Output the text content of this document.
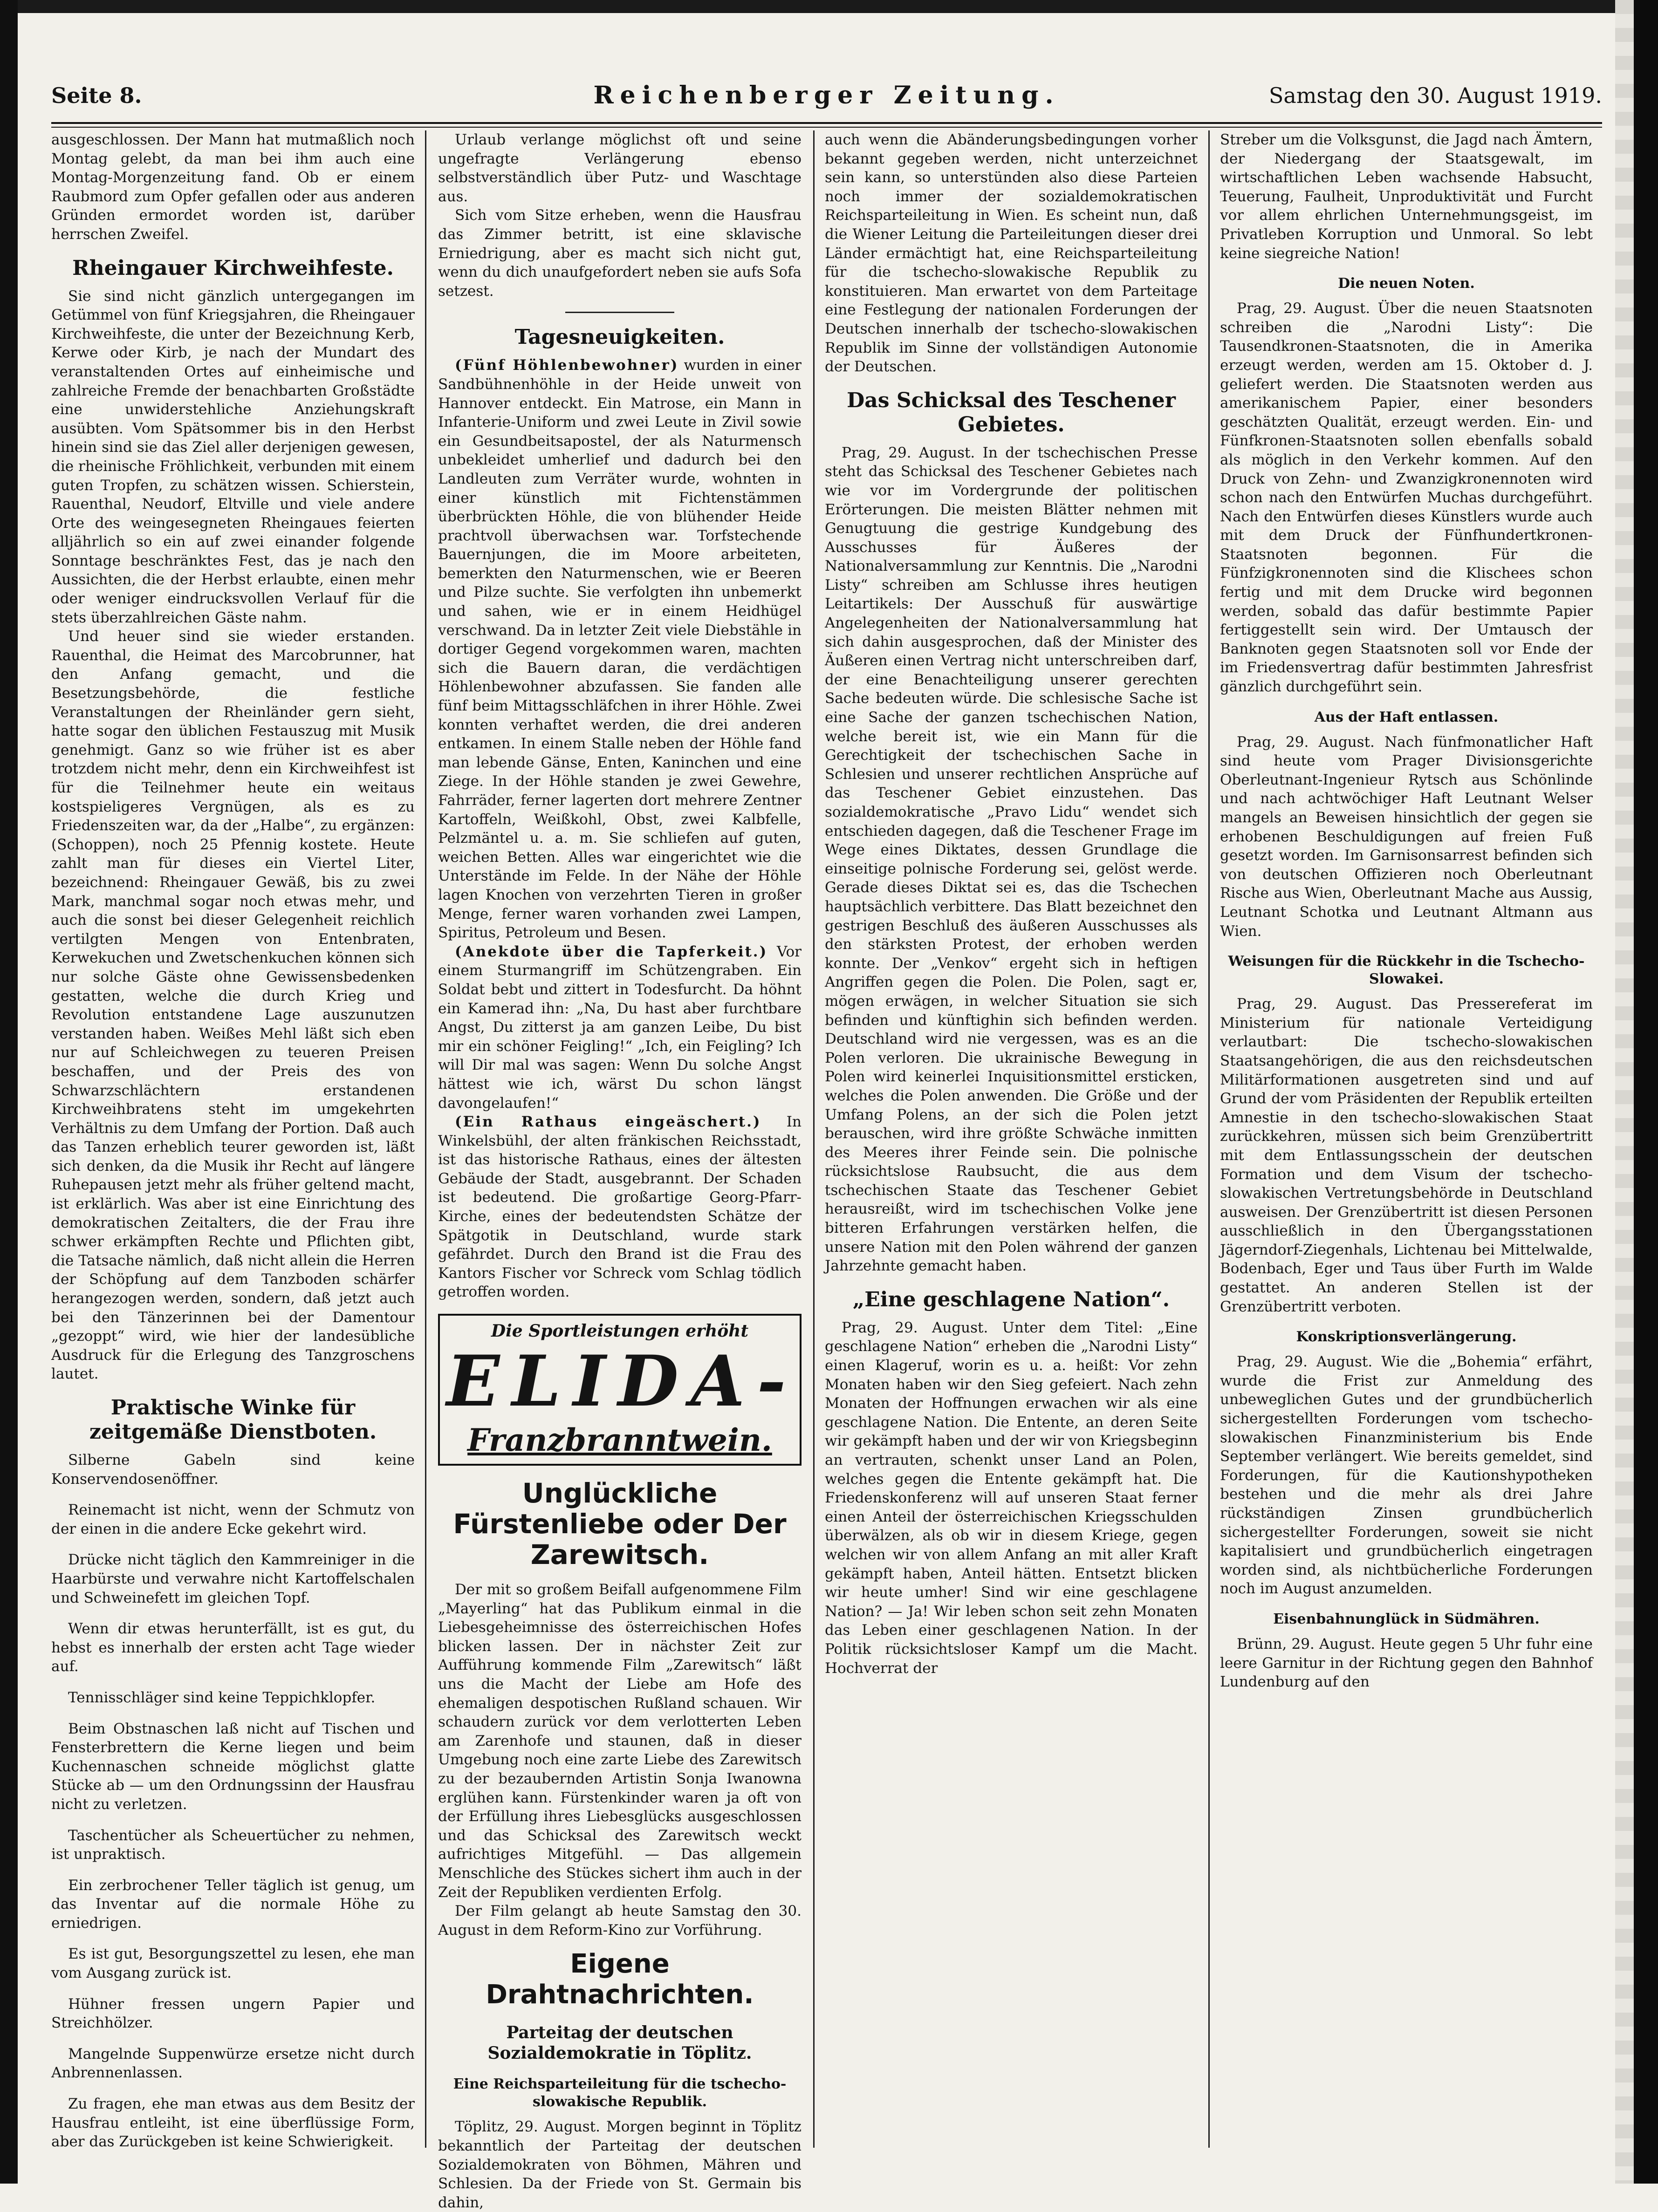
Seite 8.	Reichenberger Zeitung.	Samstag den 30. August 1919.

ausgeschlossen. Der Mann hat mutmaßlich noch Montag gelebt, da man bei ihm auch eine Montag-Morgenzeitung fand. Ob er einem Raubmord zum Opfer gefallen oder aus anderen Gründen ermordet worden ist, darüber herrschen Zweifel.

Rheingauer Kirchweihfeste.

Sie sind nicht gänzlich untergegangen im Getümmel von fünf Kriegsjahren, die Rheingauer Kirchweihfeste, die unter der Bezeichnung Kerb, Kerwe oder Kirb, je nach der Mundart des veranstaltenden Ortes auf einheimische und zahlreiche Fremde der benachbarten Großstädte eine unwiderstehliche Anziehungskraft ausübten. Vom Spätsommer bis in den Herbst hinein sind sie das Ziel aller derjenigen gewesen, die rheinische Fröhlichkeit, verbunden mit einem guten Tropfen, zu schätzen wissen. Schierstein, Rauenthal, Neudorf, Eltville und viele andere Orte des weingesegneten Rheingaues feierten alljährlich so ein auf zwei einander folgende Sonntage beschränktes Fest, das je nach den Aussichten, die der Herbst erlaubte, einen mehr oder weniger eindrucksvollen Verlauf für die stets überzahlreichen Gäste nahm.

Und heuer sind sie wieder erstanden. Rauenthal, die Heimat des Marcobrunner, hat den Anfang gemacht, und die Besetzungsbehörde, die festliche Veranstaltungen der Rheinländer gern sieht, hatte sogar den üblichen Festauszug mit Musik genehmigt. Ganz so wie früher ist es aber trotzdem nicht mehr, denn ein Kirchweihfest ist für die Teilnehmer heute ein weitaus kostspieligeres Vergnügen, als es zu Friedenszeiten war, da der „Halbe“, zu ergänzen: (Schoppen), noch 25 Pfennig kostete. Heute zahlt man für dieses ein Viertel Liter, bezeichnend: Rheingauer Gewäß, bis zu zwei Mark, manchmal sogar noch etwas mehr, und auch die sonst bei dieser Gelegenheit reichlich vertilgten Mengen von Entenbraten, Kerwekuchen und Zwetschenkuchen können sich nur solche Gäste ohne Gewissensbedenken gestatten, welche die durch Krieg und Revolution entstandene Lage auszunutzen verstanden haben. Weißes Mehl läßt sich eben nur auf Schleichwegen zu teueren Preisen beschaffen, und der Preis des von Schwarzschlächtern erstandenen Kirchweihbratens steht im umgekehrten Verhältnis zu dem Umfang der Portion. Daß auch das Tanzen erheblich teurer geworden ist, läßt sich denken, da die Musik ihr Recht auf längere Ruhepausen jetzt mehr als früher geltend macht, ist erklärlich. Was aber ist eine Einrichtung des demokratischen Zeitalters, die der Frau ihre schwer erkämpften Rechte und Pflichten gibt, die Tatsache nämlich, daß nicht allein die Herren der Schöpfung auf dem Tanzboden schärfer herangezogen werden, sondern, daß jetzt auch bei den Tänzerinnen bei der Damentour „gezoppt“ wird, wie hier der landesübliche Ausdruck für die Erlegung des Tanzgroschens lautet.

Praktische Winke für zeitgemäße Dienstboten.

Silberne Gabeln sind keine Konservendosenöffner.

Reinemacht ist nicht, wenn der Schmutz von der einen in die andere Ecke gekehrt wird.

Drücke nicht täglich den Kammreiniger in die Haarbürste und verwahre nicht Kartoffelschalen und Schweinefett im gleichen Topf.

Wenn dir etwas herunterfällt, ist es gut, du hebst es innerhalb der ersten acht Tage wieder auf.

Tennisschläger sind keine Teppichklopfer.

Beim Obstnaschen laß nicht auf Tischen und Fensterbrettern die Kerne liegen und beim Kuchennaschen schneide möglichst glatte Stücke ab — um den Ordnungssinn der Hausfrau nicht zu verletzen.

Taschentücher als Scheuertücher zu nehmen, ist unpraktisch.

Ein zerbrochener Teller täglich ist genug, um das Inventar auf die normale Höhe zu erniedrigen.

Es ist gut, Besorgungszettel zu lesen, ehe man vom Ausgang zurück ist.

Hühner fressen ungern Papier und Streichhölzer.

Mangelnde Suppenwürze ersetze nicht durch Anbrennenlassen.

Zu fragen, ehe man etwas aus dem Besitz der Hausfrau entleiht, ist eine überflüssige Form, aber das Zurückgeben ist keine Schwierigkeit.

Urlaub verlange möglichst oft und seine ungefragte Verlängerung ebenso selbstverständlich über Putz- und Waschtage aus.

Sich vom Sitze erheben, wenn die Hausfrau das Zimmer betritt, ist eine sklavische Erniedrigung, aber es macht sich nicht gut, wenn du dich unaufgefordert neben sie aufs Sofa setzest.

Tagesneuigkeiten.

(Fünf Höhlenbewohner) wurden in einer Sandbühnenhöhle in der Heide unweit von Hannover entdeckt. Ein Matrose, ein Mann in Infanterie-Uniform und zwei Leute in Zivil sowie ein Gesundbeitsapostel, der als Naturmensch unbekleidet umherlief und dadurch bei den Landleuten zum Verräter wurde, wohnten in einer künstlich mit Fichtenstämmen überbrückten Höhle, die von blühender Heide prachtvoll überwachsen war. Torfstechende Bauernjungen, die im Moore arbeiteten, bemerkten den Naturmenschen, wie er Beeren und Pilze suchte. Sie verfolgten ihn unbemerkt und sahen, wie er in einem Heidhügel verschwand. Da in letzter Zeit viele Diebstähle in dortiger Gegend vorgekommen waren, machten sich die Bauern daran, die verdächtigen Höhlenbewohner abzufassen. Sie fanden alle fünf beim Mittagsschläfchen in ihrer Höhle. Zwei konnten verhaftet werden, die drei anderen entkamen. In einem Stalle neben der Höhle fand man lebende Gänse, Enten, Kaninchen und eine Ziege. In der Höhle standen je zwei Gewehre, Fahrräder, ferner lagerten dort mehrere Zentner Kartoffeln, Weißkohl, Obst, zwei Kalbfelle, Pelzmäntel u. a. m. Sie schliefen auf guten, weichen Betten. Alles war eingerichtet wie die Unterstände im Felde. In der Nähe der Höhle lagen Knochen von verzehrten Tieren in großer Menge, ferner waren vorhanden zwei Lampen, Spiritus, Petroleum und Besen.

(Anekdote über die Tapferkeit.) Vor einem Sturmangriff im Schützengraben. Ein Soldat bebt und zittert in Todesfurcht. Da höhnt ein Kamerad ihn: „Na, Du hast aber furchtbare Angst, Du zitterst ja am ganzen Leibe, Du bist mir ein schöner Feigling!“ „Ich, ein Feigling? Ich will Dir mal was sagen: Wenn Du solche Angst hättest wie ich, wärst Du schon längst davongelaufen!“

(Ein Rathaus eingeäschert.) In Winkelsbühl, der alten fränkischen Reichsstadt, ist das historische Rathaus, eines der ältesten Gebäude der Stadt, ausgebrannt. Der Schaden ist bedeutend. Die großartige Georg-Pfarr-Kirche, eines der bedeutendsten Schätze der Spätgotik in Deutschland, wurde stark gefährdet. Durch den Brand ist die Frau des Kantors Fischer vor Schreck vom Schlag tödlich getroffen worden.

Die Sportleistungen erhöht
ELIDA-
Franzbranntwein.
Unglückliche Fürstenliebe oder Der Zarewitsch.

Der mit so großem Beifall aufgenommene Film „Mayerling“ hat das Publikum einmal in die Liebesgeheimnisse des österreichischen Hofes blicken lassen. Der in nächster Zeit zur Aufführung kommende Film „Zarewitsch“ läßt uns die Macht der Liebe am Hofe des ehemaligen despotischen Rußland schauen. Wir schaudern zurück vor dem verlotterten Leben am Zarenhofe und staunen, daß in dieser Umgebung noch eine zarte Liebe des Zarewitsch zu der bezaubernden Artistin Sonja Iwanowna erglühen kann. Fürstenkinder waren ja oft von der Erfüllung ihres Liebesglücks ausgeschlossen und das Schicksal des Zarewitsch weckt aufrichtiges Mitgefühl. — Das allgemein Menschliche des Stückes sichert ihm auch in der Zeit der Republiken verdienten Erfolg.

Der Film gelangt ab heute Samstag den 30. August in dem Reform-Kino zur Vorführung.

Eigene Drahtnachrichten.
Parteitag der deutschen Sozialdemokratie in Töplitz.
Eine Reichsparteileitung für die tschecho-slowakische Republik.

Töplitz, 29. August. Morgen beginnt in Töplitz bekanntlich der Parteitag der deutschen Sozialdemokraten von Böhmen, Mähren und Schlesien. Da der Friede von St. Germain bis dahin,

auch wenn die Abänderungsbedingungen vorher bekannt gegeben werden, nicht unterzeichnet sein kann, so unterstünden also diese Parteien noch immer der sozialdemokratischen Reichsparteileitung in Wien. Es scheint nun, daß die Wiener Leitung die Parteileitungen dieser drei Länder ermächtigt hat, eine Reichsparteileitung für die tschecho-slowakische Republik zu konstituieren. Man erwartet von dem Parteitage eine Festlegung der nationalen Forderungen der Deutschen innerhalb der tschecho-slowakischen Republik im Sinne der vollständigen Autonomie der Deutschen.

Das Schicksal des Teschener Gebietes.

Prag, 29. August. In der tschechischen Presse steht das Schicksal des Teschener Gebietes nach wie vor im Vordergrunde der politischen Erörterungen. Die meisten Blätter nehmen mit Genugtuung die gestrige Kundgebung des Ausschusses für Äußeres der Nationalversammlung zur Kenntnis. Die „Narodni Listy“ schreiben am Schlusse ihres heutigen Leitartikels: Der Ausschuß für auswärtige Angelegenheiten der Nationalversammlung hat sich dahin ausgesprochen, daß der Minister des Äußeren einen Vertrag nicht unterschreiben darf, der eine Benachteiligung unserer gerechten Sache bedeuten würde. Die schlesische Sache ist eine Sache der ganzen tschechischen Nation, welche bereit ist, wie ein Mann für die Gerechtigkeit der tschechischen Sache in Schlesien und unserer rechtlichen Ansprüche auf das Teschener Gebiet einzustehen. Das sozialdemokratische „Pravo Lidu“ wendet sich entschieden dagegen, daß die Teschener Frage im Wege eines Diktates, dessen Grundlage die einseitige polnische Forderung sei, gelöst werde. Gerade dieses Diktat sei es, das die Tschechen hauptsächlich verbittere. Das Blatt bezeichnet den gestrigen Beschluß des äußeren Ausschusses als den stärksten Protest, der erhoben werden konnte. Der „Venkov“ ergeht sich in heftigen Angriffen gegen die Polen. Die Polen, sagt er, mögen erwägen, in welcher Situation sie sich befinden und künftighin sich befinden werden. Deutschland wird nie vergessen, was es an die Polen verloren. Die ukrainische Bewegung in Polen wird keinerlei Inquisitionsmittel ersticken, welches die Polen anwenden. Die Größe und der Umfang Polens, an der sich die Polen jetzt berauschen, wird ihre größte Schwäche inmitten des Meeres ihrer Feinde sein. Die polnische rücksichtslose Raubsucht, die aus dem tschechischen Staate das Teschener Gebiet herausreißt, wird im tschechischen Volke jene bitteren Erfahrungen verstärken helfen, die unsere Nation mit den Polen während der ganzen Jahrzehnte gemacht haben.

„Eine geschlagene Nation“.

Prag, 29. August. Unter dem Titel: „Eine geschlagene Nation“ erheben die „Narodni Listy“ einen Klageruf, worin es u. a. heißt: Vor zehn Monaten haben wir den Sieg gefeiert. Nach zehn Monaten der Hoffnungen erwachen wir als eine geschlagene Nation. Die Entente, an deren Seite wir gekämpft haben und der wir von Kriegsbeginn an vertrauten, schenkt unser Land an Polen, welches gegen die Entente gekämpft hat. Die Friedenskonferenz will auf unseren Staat ferner einen Anteil der österreichischen Kriegsschulden überwälzen, als ob wir in diesem Kriege, gegen welchen wir von allem Anfang an mit aller Kraft gekämpft haben, Anteil hätten. Entsetzt blicken wir heute umher! Sind wir eine geschlagene Nation? — Ja! Wir leben schon seit zehn Monaten das Leben einer geschlagenen Nation. In der Politik rücksichtsloser Kampf um die Macht. Hochverrat der

Streber um die Volksgunst, die Jagd nach Ämtern, der Niedergang der Staatsgewalt, im wirtschaftlichen Leben wachsende Habsucht, Teuerung, Faulheit, Unproduktivität und Furcht vor allem ehrlichen Unternehmungsgeist, im Privatleben Korruption und Unmoral. So lebt keine siegreiche Nation!

Die neuen Noten.

Prag, 29. August. Über die neuen Staatsnoten schreiben die „Narodni Listy“: Die Tausendkronen-Staatsnoten, die in Amerika erzeugt werden, werden am 15. Oktober d. J. geliefert werden. Die Staatsnoten werden aus amerikanischem Papier, einer besonders geschätzten Qualität, erzeugt werden. Ein- und Fünfkronen-Staatsnoten sollen ebenfalls sobald als möglich in den Verkehr kommen. Auf den Druck von Zehn- und Zwanzigkronennoten wird schon nach den Entwürfen Muchas durchgeführt. Nach den Entwürfen dieses Künstlers wurde auch mit dem Druck der Fünfhundertkronen-Staatsnoten begonnen. Für die Fünfzigkronennoten sind die Klischees schon fertig und mit dem Drucke wird begonnen werden, sobald das dafür bestimmte Papier fertiggestellt sein wird. Der Umtausch der Banknoten gegen Staatsnoten soll vor Ende der im Friedensvertrag dafür bestimmten Jahresfrist gänzlich durchgeführt sein.

Aus der Haft entlassen.

Prag, 29. August. Nach fünfmonatlicher Haft sind heute vom Prager Divisionsgerichte Oberleutnant-Ingenieur Rytsch aus Schönlinde und nach achtwöchiger Haft Leutnant Welser mangels an Beweisen hinsichtlich der gegen sie erhobenen Beschuldigungen auf freien Fuß gesetzt worden. Im Garnisonsarrest befinden sich von deutschen Offizieren noch Oberleutnant Rische aus Wien, Oberleutnant Mache aus Aussig, Leutnant Schotka und Leutnant Altmann aus Wien.

Weisungen für die Rückkehr in die Tschecho-Slowakei.

Prag, 29. August. Das Pressereferat im Ministerium für nationale Verteidigung verlautbart: Die tschecho-slowakischen Staatsangehörigen, die aus den reichsdeutschen Militärformationen ausgetreten sind und auf Grund der vom Präsidenten der Republik erteilten Amnestie in den tschecho-slowakischen Staat zurückkehren, müssen sich beim Grenzübertritt mit dem Entlassungsschein der deutschen Formation und dem Visum der tschecho-slowakischen Vertretungsbehörde in Deutschland ausweisen. Der Grenzübertritt ist diesen Personen ausschließlich in den Übergangsstationen Jägerndorf-Ziegenhals, Lichtenau bei Mittelwalde, Bodenbach, Eger und Taus über Furth im Walde gestattet. An anderen Stellen ist der Grenzübertritt verboten.

Konskriptionsverlängerung.

Prag, 29. August. Wie die „Bohemia“ erfährt, wurde die Frist zur Anmeldung des unbeweglichen Gutes und der grundbücherlich sichergestellten Forderungen vom tschecho-slowakischen Finanzministerium bis Ende September verlängert. Wie bereits gemeldet, sind Forderungen, für die Kautionshypotheken bestehen und die mehr als drei Jahre rückständigen Zinsen grundbücherlich sichergestellter Forderungen, soweit sie nicht kapitalisiert und grundbücherlich eingetragen worden sind, als nichtbücherliche Forderungen noch im August anzumelden.

Eisenbahnunglück in Südmähren.

Brünn, 29. August. Heute gegen 5 Uhr fuhr eine leere Garnitur in der Richtung gegen den Bahnhof Lundenburg auf den
